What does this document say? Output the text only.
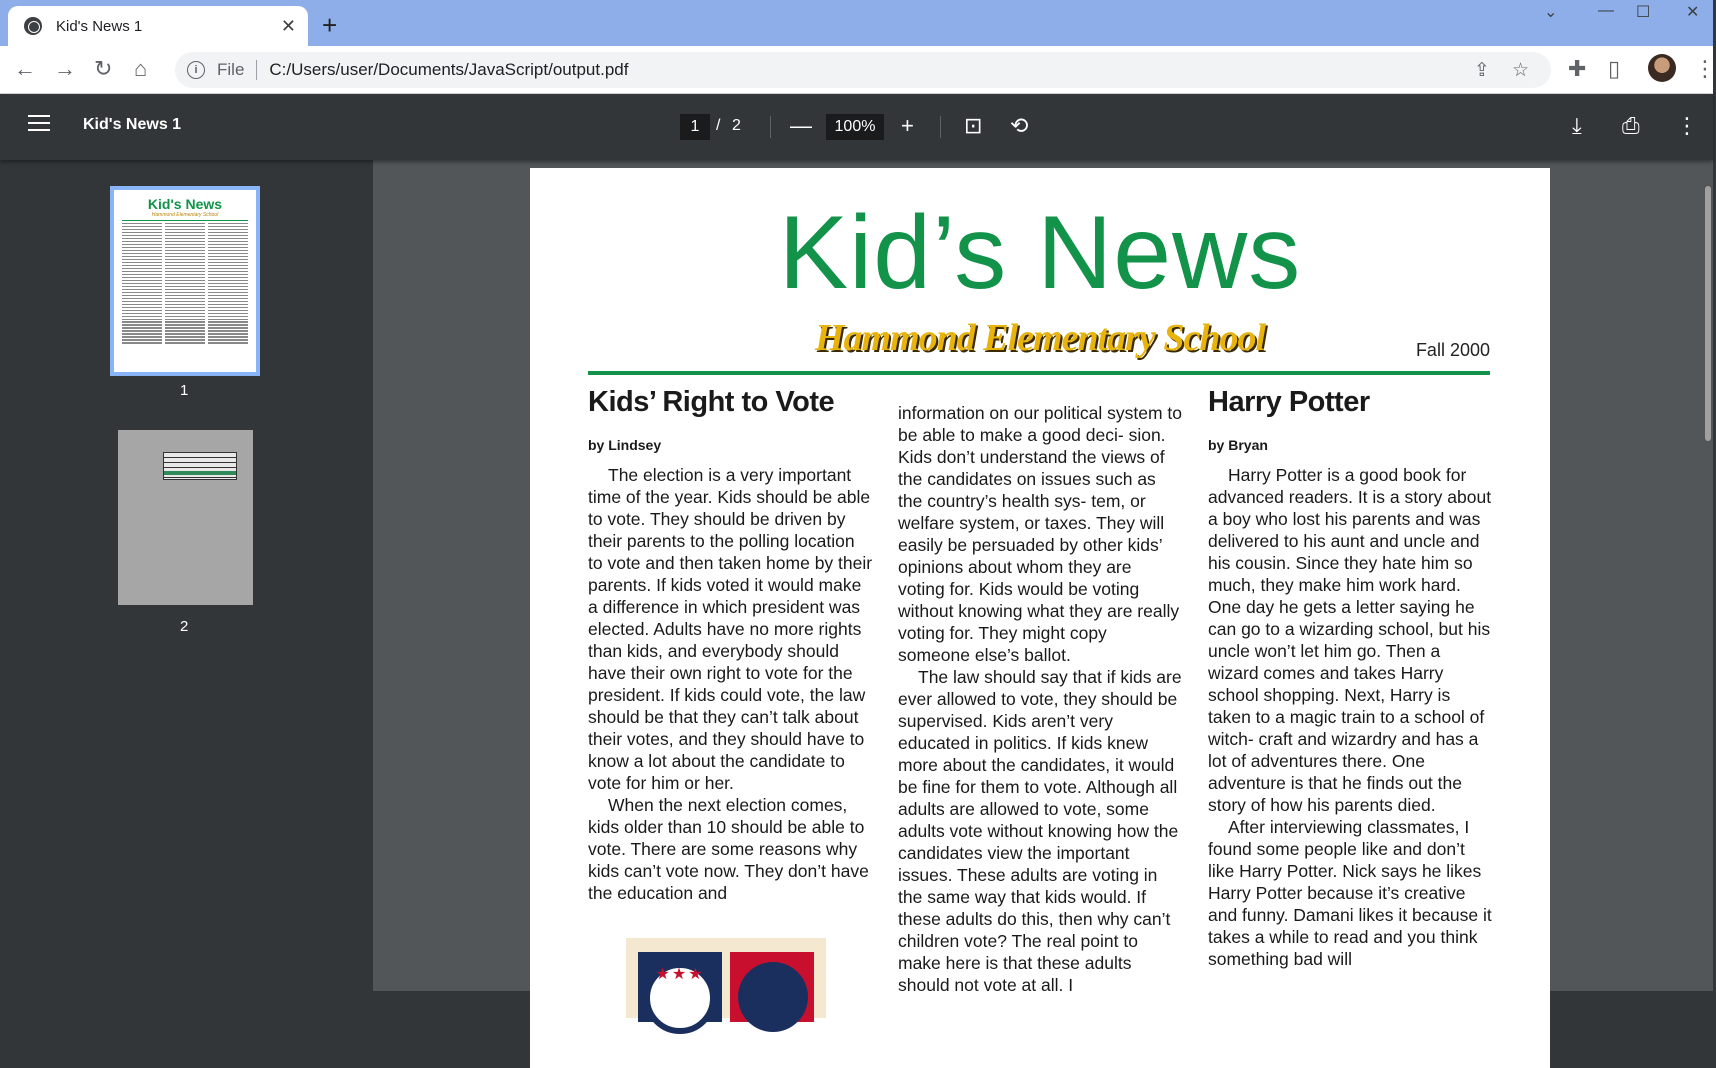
Kid's News 1	✕ +	⌄	— ☐ ✕
← → ↻ ⌂	i	File C:/Users/user/Documents/JavaScript/output.pdf	⇪ ☆ ✚ ▯	⋮
Kid's News 1	1	/ 2 —	100%	+ ⊡ ⟲	⤓ ⎙ ⋮
Kid's News
Hammond Elementary School
1
2
Kid’s News
Hammond Elementary School	Fall 2000
Kids’ Right to Vote
by Lindsey

The election is a very important time of the year. Kids should be able to vote. They should be driven by their parents to the polling location to vote and then taken home by their parents. If kids voted it would make a difference in which president was elected. Adults have no more rights than kids, and everybody should have their own right to vote for the president. If kids could vote, the law should be that they can’t talk about their votes, and they should have to know a lot about the candidate to vote for him or her.

When the next election comes, kids older than 10 should be able to vote. There are some reasons why kids can’t vote now. They don’t have the education and

information on our political system to be able to make a good deci- sion. Kids don’t understand the views of the candidates on issues such as the country’s health sys- tem, or welfare system, or taxes. They will easily be persuaded by other kids’ opinions about whom they are voting for. Kids would be voting without knowing what they are really voting for. They might copy someone else’s ballot.

The law should say that if kids are ever allowed to vote, they should be supervised. Kids aren’t very educated in politics. If kids knew more about the candidates, it would be fine for them to vote. Although all adults are allowed to vote, some adults vote without knowing how the candidates view the important issues. These adults are voting in the same way that kids would. If these adults do this, then why can’t children vote? The real point to make here is that these adults should not vote at all. I

Harry Potter
by Bryan

Harry Potter is a good book for advanced readers. It is a story about a boy who lost his parents and was delivered to his aunt and uncle and his cousin. Since they hate him so much, they make him work hard. One day he gets a letter saying he can go to a wizarding school, but his uncle won’t let him go. Then a wizard comes and takes Harry school shopping. Next, Harry is taken to a magic train to a school of witch- craft and wizardry and has a lot of adventures there. One adventure is that he finds out the story of how his parents died.

After interviewing classmates, I found some people like and don’t like Harry Potter. Nick says he likes Harry Potter because it’s creative and funny. Damani likes it because it takes a while to read and you think something bad will

★★★
